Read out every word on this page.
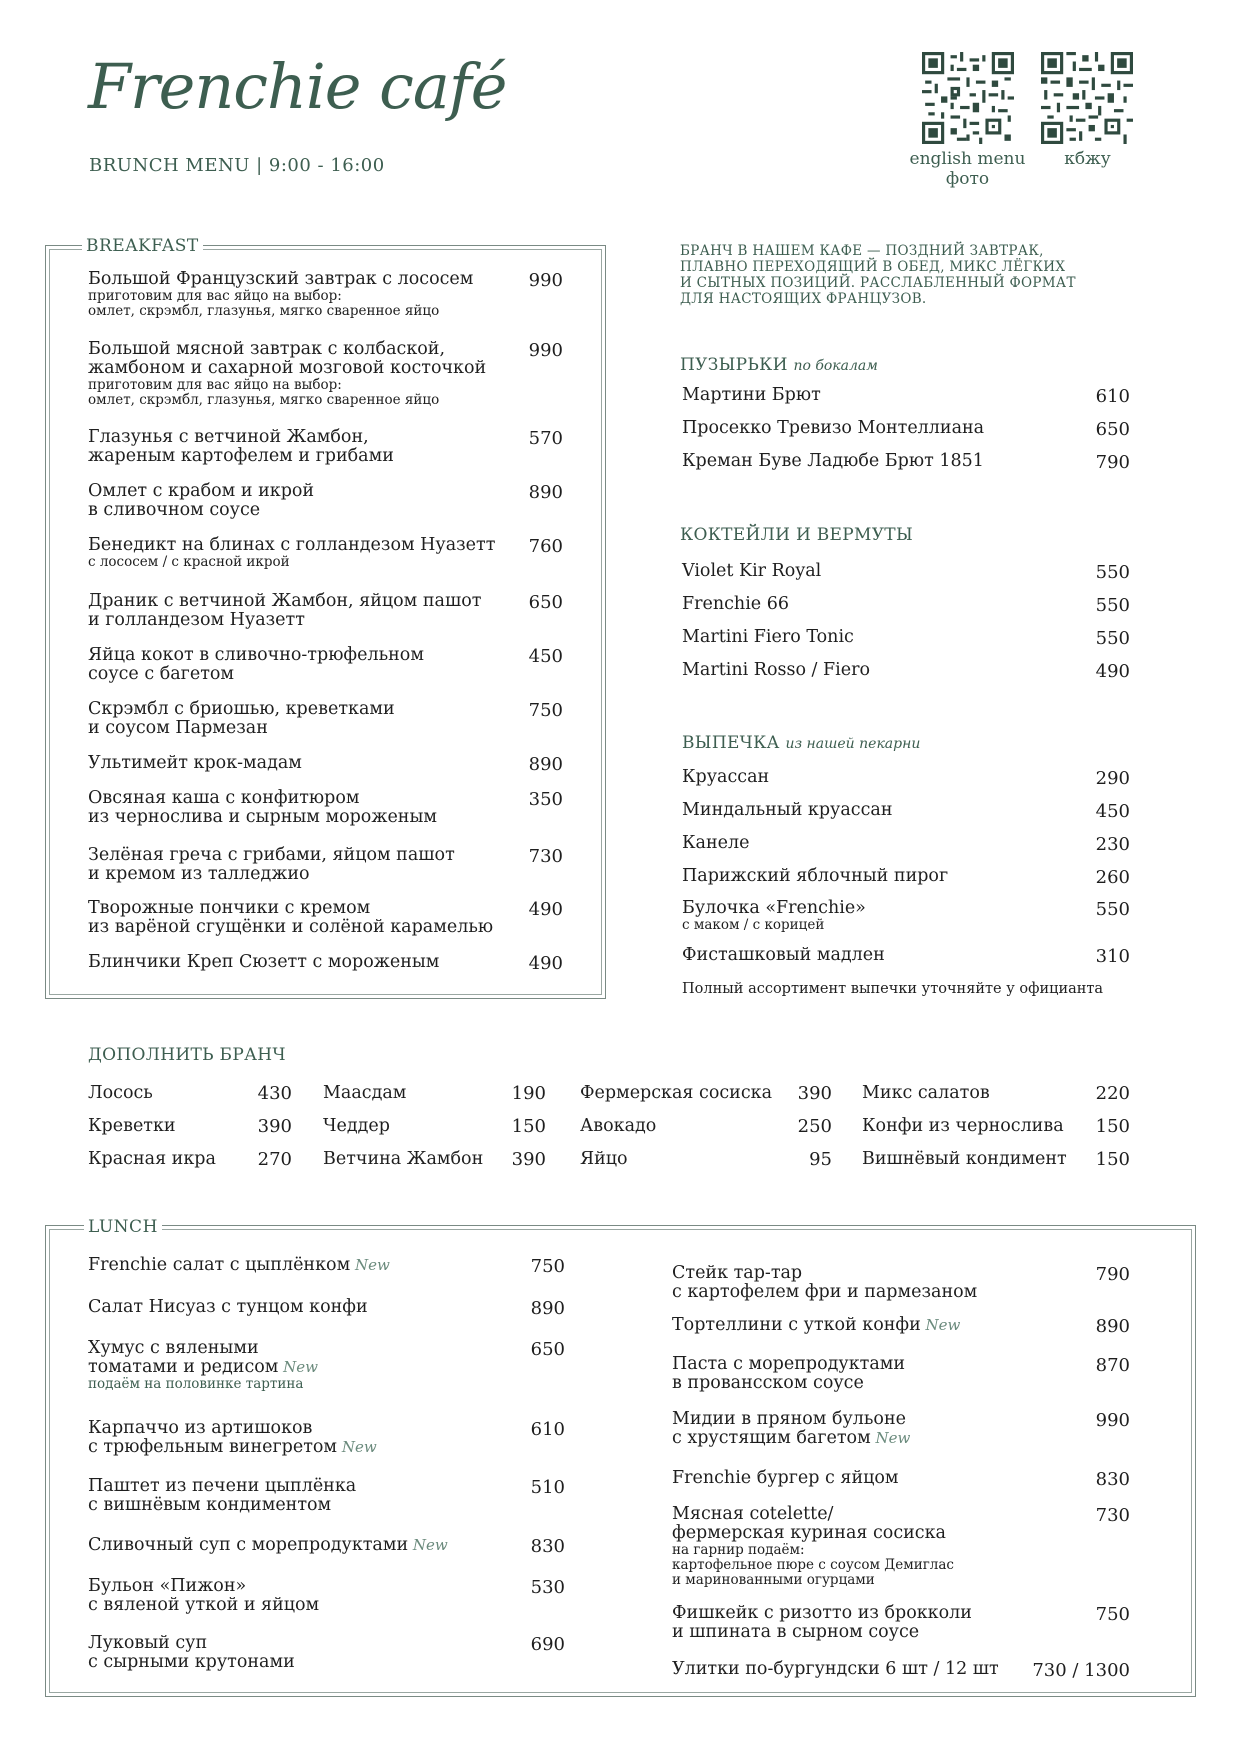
Frenchie café
BRUNCH MENU | 9:00 - 16:00	english menu
фото
кбжу
BREAKFAST
Большой Французский завтрак с лососем
приготовим для вас яйцо на выбор:
омлет, скрэмбл, глазунья, мягко сваренное яйцо
990
Большой мясной завтрак с колбаской,
жамбоном и сахарной мозговой косточкой
приготовим для вас яйцо на выбор:
омлет, скрэмбл, глазунья, мягко сваренное яйцо
990
Глазунья с ветчиной Жамбон,
жареным картофелем и грибами
570
Омлет с крабом и икрой
в сливочном соусе
890
Бенедикт на блинах с голландезом Нуазетт
с лососем / с красной икрой
760
Драник с ветчиной Жамбон, яйцом пашот
и голландезом Нуазетт
650
Яйца кокот в сливочно-трюфельном
соусе с багетом
450
Скрэмбл с бриошью, креветками
и соусом Пармезан
750
Ультимейт крок-мадам	890
Овсяная каша с конфитюром
из чернослива и сырным мороженым
350
Зелёная греча с грибами, яйцом пашот
и кремом из талледжио
730
Творожные пончики с кремом
из варёной сгущёнки и солёной карамелью
490
Блинчики Креп Сюзетт с мороженым	490
БРАНЧ В НАШЕМ КАФЕ — ПОЗДНИЙ ЗАВТРАК,
ПЛАВНО ПЕРЕХОДЯЩИЙ В ОБЕД, МИКС ЛЁГКИХ
И СЫТНЫХ ПОЗИЦИЙ. РАССЛАБЛЕННЫЙ ФОРМАТ
ДЛЯ НАСТОЯЩИХ ФРАНЦУЗОВ.
ПУЗЫРЬКИ по бокалам
Мартини Брют	610
Просекко Тревизо Монтеллиана	650
Креман Буве Ладюбе Брют 1851	790
КОКТЕЙЛИ И ВЕРМУТЫ
Violet Kir Royal	550
Frenchie 66	550
Martini Fiero Tonic	550
Martini Rosso / Fiero	490
ВЫПЕЧКА из нашей пекарни
Круассан	290
Миндальный круассан	450
Канеле	230
Парижский яблочный пирог	260
Булочка «Frenchie»
с маком / с корицей
550
Фисташковый мадлен	310
Полный ассортимент выпечки уточняйте у официанта
ДОПОЛНИТЬ БРАНЧ
Лосось	430
Креветки	390
Красная икра 270
Маасдам	190
Чеддер	150
Ветчина Жамбон 390
Фермерская сосиска 390
Авокадо	250
Яйцо	95
Микс салатов	220
Конфи из чернослива 150
Вишнёвый кондимент 150
LUNCH
Frenchie салат с цыплёнком New	750
Салат Нисуаз с тунцом конфи	890
Хумус с вялеными
томатами и редисом New
подаём на половинке тартина
650
Карпаччо из артишоков
с трюфельным винегретом New
610
Паштет из печени цыплёнка
с вишнёвым кондиментом
510
Сливочный суп с морепродуктами New	830
Бульон «Пижон»
с вяленой уткой и яйцом
530
Луковый суп
с сырными крутонами
690
Стейк тар-тар
с картофелем фри и пармезаном
790
Тортеллини с уткой конфи New	890
Паста с морепродуктами
в провансском соусе
870
Мидии в пряном бульоне
с хрустящим багетом New
990
Frenchie бургер с яйцом	830
Мясная cotelette/
фермерская куриная сосиска
на гарнир подаём:
картофельное пюре с соусом Демиглас
и маринованными огурцами
730
Фишкейк с ризотто из брокколи
и шпината в сырном соусе
750
Улитки по-бургундски 6 шт / 12 шт 730 / 1300
